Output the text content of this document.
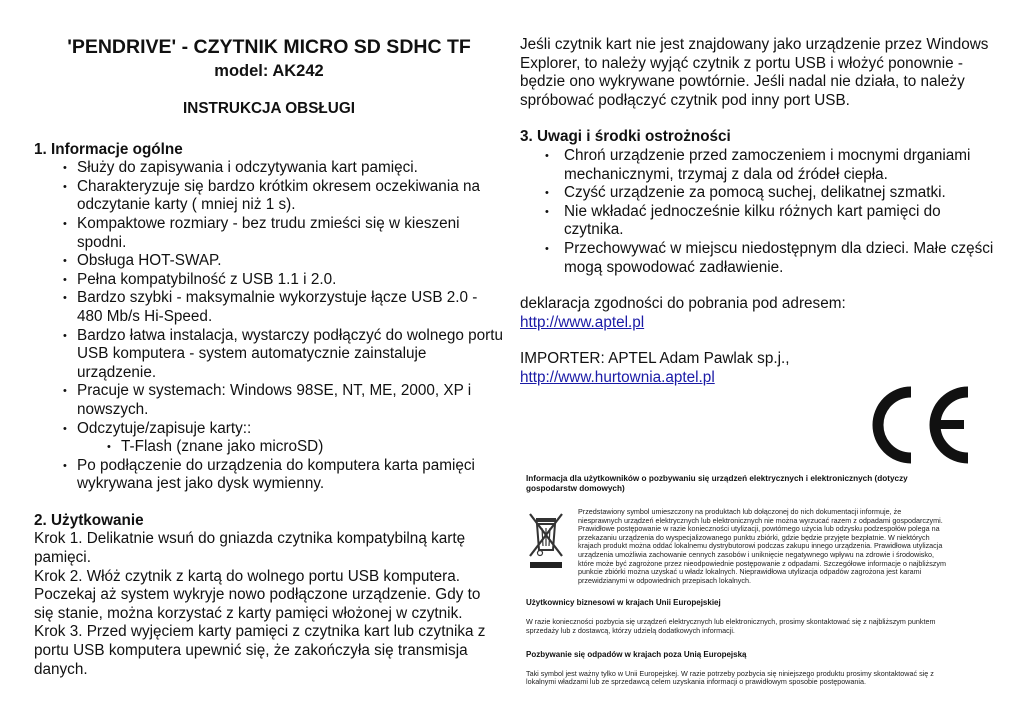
'PENDRIVE' - CZYTNIK MICRO SD SDHC TF
model: AK242
INSTRUKCJA OBSŁUGI
1. Informacje ogólne
• Służy do zapisywania i odczytywania kart pamięci.
• Charakteryzuje się bardzo krótkim okresem oczekiwania na odczytanie karty ( mniej niż 1 s).
• Kompaktowe rozmiary - bez trudu zmieści się w kieszeni spodni.
• Obsługa HOT-SWAP.
• Pełna kompatybilność z USB 1.1 i 2.0.
• Bardzo szybki - maksymalnie wykorzystuje łącze USB 2.0 - 480 Mb/s Hi-Speed.
• Bardzo łatwa instalacja, wystarczy podłączyć do wolnego portu USB komputera - system automatycznie zainstaluje urządzenie.
• Pracuje w systemach: Windows 98SE, NT, ME, 2000, XP i nowszych.
• Odczytuje/zapisuje karty::
• T-Flash (znane jako microSD)
• Po podłączenie do urządzenia do komputera karta pamięci wykrywana jest jako dysk wymienny.
2. Użytkowanie

Krok 1. Delikatnie wsuń do gniazda czytnika kompatybilną kartę pamięci.
Krok 2. Włóż czytnik z kartą do wolnego portu USB komputera. Poczekaj aż system wykryje nowo podłączone urządzenie. Gdy to się stanie, można korzystać z karty pamięci włożonej w czytnik.
Krok 3. Przed wyjęciem karty pamięci z czytnika kart lub czytnika z portu USB komputera upewnić się, że zakończyła się transmisja danych.

Jeśli czytnik kart nie jest znajdowany jako urządzenie przez Windows Explorer, to należy wyjąć czytnik z portu USB i włożyć ponownie - będzie ono wykrywane powtórnie. Jeśli nadal nie działa, to należy spróbować podłączyć czytnik pod inny port USB.

3. Uwagi i środki ostrożności
• Chroń urządzenie przed zamoczeniem i mocnymi drganiami mechanicznymi, trzymaj z dala od źródeł ciepła.
• Czyść urządzenie za pomocą suchej, delikatnej szmatki.
• Nie wkładać jednocześnie kilku różnych kart pamięci do czytnika.
• Przechowywać w miejscu niedostępnym dla dzieci. Małe części mogą spowodować zadławienie.

deklaracja zgodności do pobrania pod adresem:

http://www.aptel.pl

IMPORTER: APTEL Adam Pawlak sp.j.,

http://www.hurtownia.aptel.pl
Informacja dla użytkowników o pozbywaniu się urządzeń elektrycznych i elektronicznych (dotyczy gospodarstw domowych)
Przedstawiony symbol umieszczony na produktach lub dołączonej do nich dokumentacji informuje, że niesprawnych urządzeń elektrycznych lub elektronicznych nie można wyrzucać razem z odpadami gospodarczymi. Prawidłowe postępowanie w razie konieczności utylizacji, powtórnego użycia lub odzysku podzespołów polega na przekazaniu urządzenia do wyspecjalizowanego punktu zbiórki, gdzie będzie przyjęte bezpłatnie. W niektórych krajach produkt można oddać lokalnemu dystrybutorowi podczas zakupu innego urządzenia. Prawidłowa utylizacja urządzenia umożliwia zachowanie cennych zasobów i uniknięcie negatywnego wpływu na zdrowie i środowisko, które może być zagrożone przez nieodpowiednie postępowanie z odpadami. Szczegółowe informacje o najbliższym punkcie zbiórki można uzyskać u władz lokalnych. Nieprawidłowa utylizacja odpadów zagrożona jest karami przewidzianymi w odpowiednich przepisach lokalnych.
Użytkownicy biznesowi w krajach Unii Europejskiej
W razie konieczności pozbycia się urządzeń elektrycznych lub elektronicznych, prosimy skontaktować się z najbliższym punktem sprzedaży lub z dostawcą, którzy udzielą dodatkowych informacji.
Pozbywanie się odpadów w krajach poza Unią Europejską
Taki symbol jest ważny tylko w Unii Europejskej. W razie potrzeby pozbycia się niniejszego produktu prosimy skontaktować się z lokalnymi władzami lub ze sprzedawcą celem uzyskania informacji o prawidłowym sposobie postępowania.
